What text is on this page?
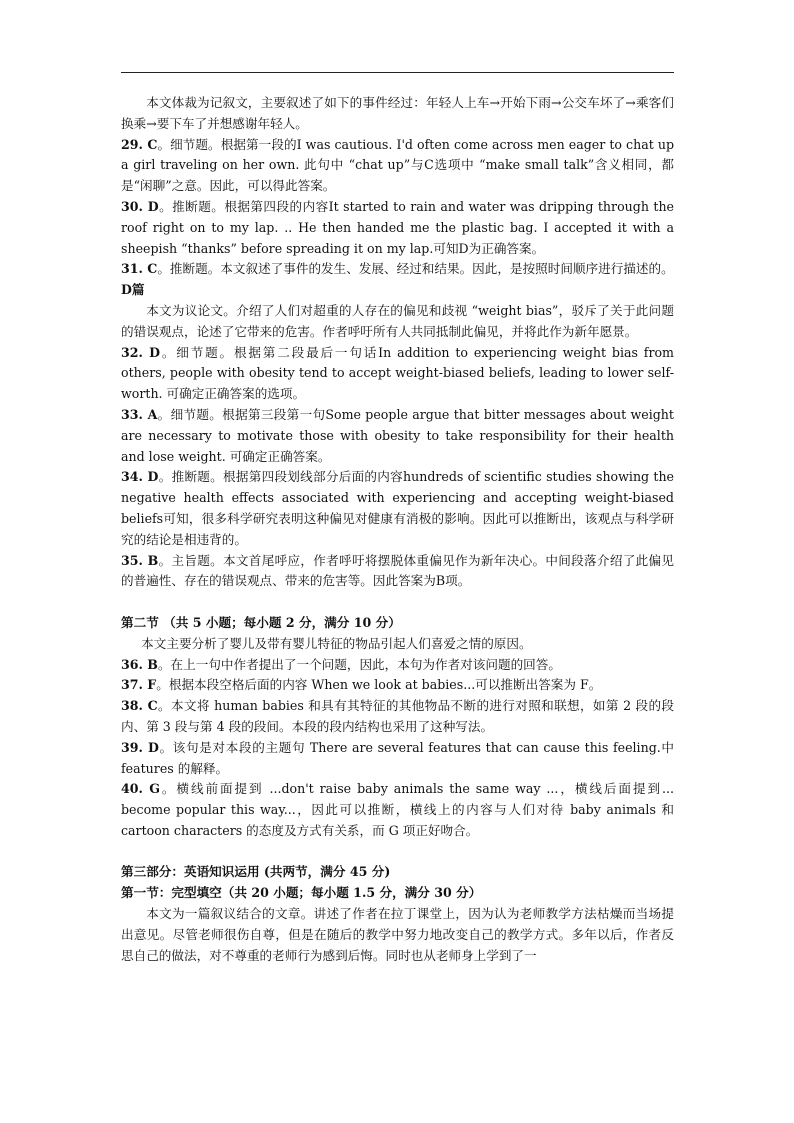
本文体裁为记叙文，主要叙述了如下的事件经过：年轻人上车→开始下雨→公交车坏了→乘客们换乘→要下车了并想感谢年轻人。

29. C。细节题。根据第一段的I was cautious. I'd often come across men eager to chat up a girl traveling on her own. 此句中 “chat up”与C选项中 “make small talk”含义相同，都是“闲聊”之意。因此，可以得此答案。

30. D。推断题。根据第四段的内容It started to rain and water was dripping through the roof right on to my lap. .. He then handed me the plastic bag. I accepted it with a sheepish “thanks” before spreading it on my lap.可知D为正确答案。

31. C。推断题。本文叙述了事件的发生、发展、经过和结果。因此，是按照时间顺序进行描述的。

D篇

本文为议论文。介绍了人们对超重的人存在的偏见和歧视 “weight bias”，驳斥了关于此问题的错误观点，论述了它带来的危害。作者呼吁所有人共同抵制此偏见，并将此作为新年愿景。

32. D。细节题。根据第二段最后一句话In addition to experiencing weight bias from others, people with obesity tend to accept weight-biased beliefs, leading to lower self-worth. 可确定正确答案的选项。

33. A。细节题。根据第三段第一句Some people argue that bitter messages about weight are necessary to motivate those with obesity to take responsibility for their health and lose weight. 可确定正确答案。

34. D。推断题。根据第四段划线部分后面的内容hundreds of scientific studies showing the negative health effects associated with experiencing and accepting weight-biased beliefs可知，很多科学研究表明这种偏见对健康有消极的影响。因此可以推断出，该观点与科学研究的结论是相违背的。

35. B。主旨题。本文首尾呼应，作者呼吁将摆脱体重偏见作为新年决心。中间段落介绍了此偏见的普遍性、存在的错误观点、带来的危害等。因此答案为B项。

第二节 （共 5 小题；每小题 2 分，满分 10 分）

本文主要分析了婴儿及带有婴儿特征的物品引起人们喜爱之情的原因。

36. B。在上一句中作者提出了一个问题，因此，本句为作者对该问题的回答。

37. F。根据本段空格后面的内容 When we look at babies...可以推断出答案为 F。

38. C。本文将 human babies 和具有其特征的其他物品不断的进行对照和联想，如第 2 段的段内、第 3 段与第 4 段的段间。本段的段内结构也采用了这种写法。

39. D。该句是对本段的主题句 There are several features that can cause this feeling.中 features 的解释。

40. G。横线前面提到 ...don't raise baby animals the same way ...，横线后面提到... become popular this way...，因此可以推断，横线上的内容与人们对待 baby animals 和 cartoon characters 的态度及方式有关系，而 G 项正好吻合。

第三部分：英语知识运用 (共两节，满分 45 分)

第一节：完型填空（共 20 小题；每小题 1.5 分，满分 30 分）

本文为一篇叙议结合的文章。讲述了作者在拉丁课堂上，因为认为老师教学方法枯燥而当场提出意见。尽管老师很伤自尊，但是在随后的教学中努力地改变自己的教学方式。多年以后，作者反思自己的做法，对不尊重的老师行为感到后悔。同时也从老师身上学到了一
